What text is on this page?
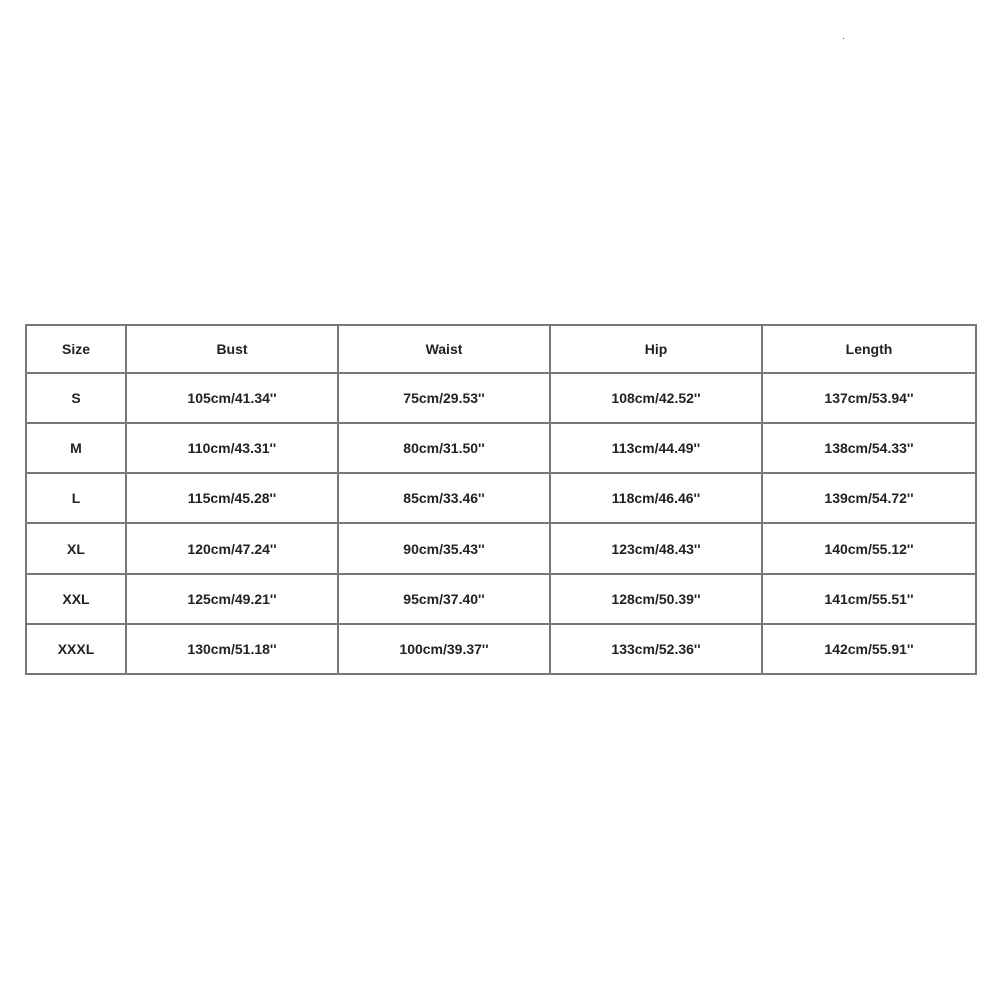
Size	Bust	Waist	Hip	Length
S	105cm/41.34''	75cm/29.53''	108cm/42.52''	137cm/53.94''
M	110cm/43.31''	80cm/31.50''	113cm/44.49''	138cm/54.33''
L	115cm/45.28''	85cm/33.46''	118cm/46.46''	139cm/54.72''
XL	120cm/47.24''	90cm/35.43''	123cm/48.43''	140cm/55.12''
XXL	125cm/49.21''	95cm/37.40''	128cm/50.39''	141cm/55.51''
XXXL	130cm/51.18''	100cm/39.37''	133cm/52.36''	142cm/55.91''
